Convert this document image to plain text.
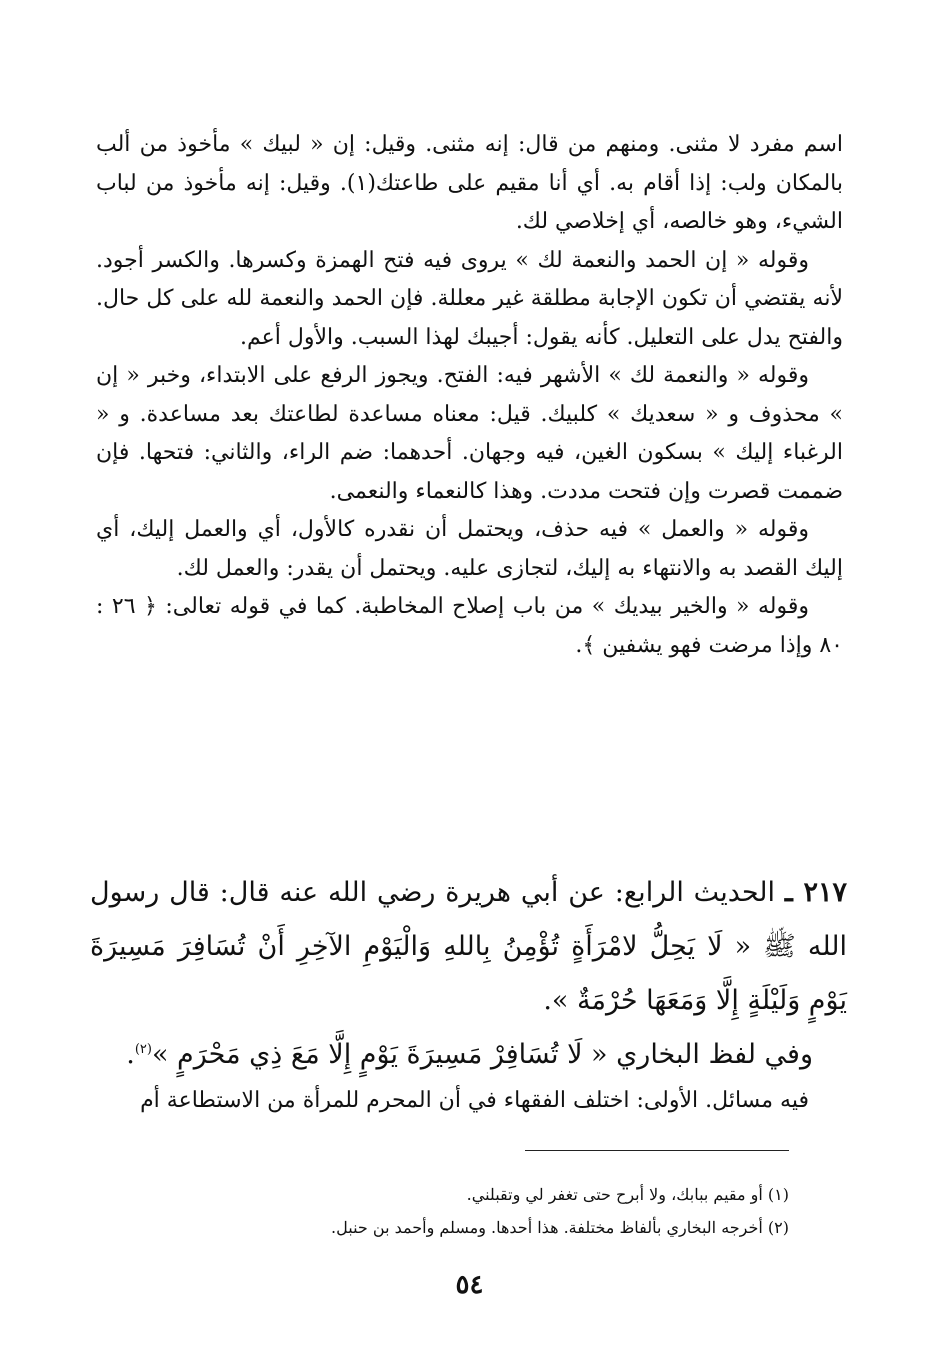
اسم مفرد لا مثنى. ومنهم من قال: إنه مثنى. وقيل: إن « لبيك » مأخوذ من ألب بالمكان ولب: إذا أقام به. أي أنا مقيم على طاعتك(١). وقيل: إنه مأخوذ من لباب الشيء، وهو خالصه، أي إخلاصي لك.

وقوله « إن الحمد والنعمة لك » يروى فيه فتح الهمزة وكسرها. والكسر أجود. لأنه يقتضي أن تكون الإجابة مطلقة غير معللة. فإن الحمد والنعمة لله على كل حال. والفتح يدل على التعليل. كأنه يقول: أجيبك لهذا السبب. والأول أعم.

وقوله « والنعمة لك » الأشهر فيه: الفتح. ويجوز الرفع على الابتداء، وخبر « إن » محذوف و « سعديك » كلبيك. قيل: معناه مساعدة لطاعتك بعد مساعدة. و « الرغباء إليك » بسكون الغين، فيه وجهان. أحدهما: ضم الراء، والثاني: فتحها. فإن ضممت قصرت وإن فتحت مددت. وهذا كالنعماء والنعمى.

وقوله « والعمل » فيه حذف، ويحتمل أن نقدره كالأول، أي والعمل إليك، أي إليك القصد به والانتهاء به إليك، لتجازى عليه. ويحتمل أن يقدر: والعمل لك.

وقوله « والخير بيديك » من باب إصلاح المخاطبة. كما في قوله تعالى: ﴿ ٢٦ : ٨٠ وإذا مرضت فهو يشفين ﴾.

٢١٧ ـ الحديث الرابع: عن أبي هريرة رضي الله عنه قال: قال رسول الله ﷺ « لَا يَحِلُّ لامْرَأَةٍ تُؤْمِنُ بِاللهِ وَالْيَوْمِ الآخِرِ أَنْ تُسَافِرَ مَسِيرَةَ يَوْمٍ وَلَيْلَةٍ إِلَّا وَمَعَهَا حُرْمَةٌ ».

وفي لفظ البخاري « لَا تُسَافِرْ مَسِيرَةَ يَوْمٍ إِلَّا مَعَ ذِي مَحْرَمٍ »$^{(٢)}$.

فيه مسائل. الأولى: اختلف الفقهاء في أن المحرم للمرأة من الاستطاعة أم

(١) أو مقيم ببابك، ولا أبرح حتى تغفر لي وتقبلني.

(٢) أخرجه البخاري بألفاظ مختلفة. هذا أحدها. ومسلم وأحمد بن حنبل.

٥٤
